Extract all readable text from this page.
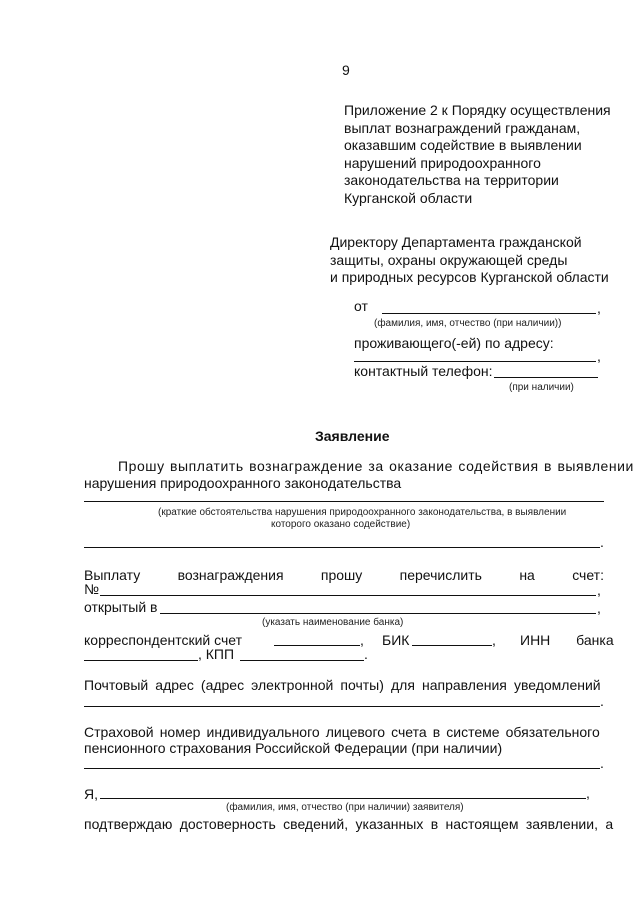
9
Приложение 2 к Порядку осуществления
выплат вознаграждений гражданам,
оказавшим содействие в выявлении
нарушений природоохранного
законодательства на территории
Курганской области
Директору Департамента гражданской
защиты, охраны окружающей среды
и природных ресурсов Курганской области
от	,
(фамилия, имя, отчество (при наличии))
проживающего(-ей) по адресу:
,
контактный телефон:
(при наличии)
Заявление
Прошу выплатить вознаграждение за оказание содействия в выявлении
нарушения природоохранного законодательства
(краткие обстоятельства нарушения природоохранного законодательства, в выявлении
которого оказано содействие)
.
Выплату	вознаграждения	прошу	перечислить	на	счет:
№	,
открытый в	,
(указать наименование банка)
корреспондентский счет	, БИК	, ИНН банка
, КПП	.
Почтовый адрес (адрес электронной почты) для направления уведомлений
.
Страховой номер индивидуального лицевого счета в системе обязательного
пенсионного страхования Российской Федерации (при наличии)
.
Я,	,
(фамилия, имя, отчество (при наличии) заявителя)
подтверждаю достоверность сведений, указанных в настоящем заявлении, а
